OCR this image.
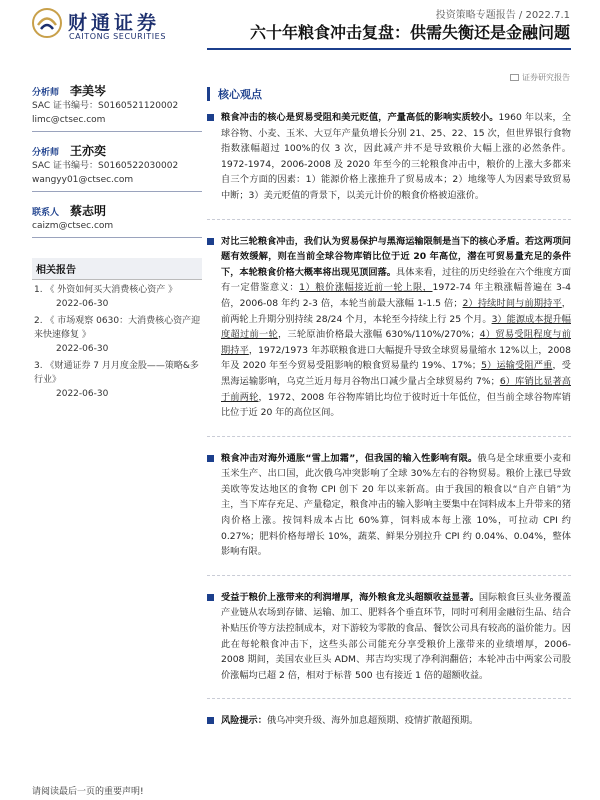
财通证券
CAITONG SECURITIES
投资策略专题报告 / 2022.7.1
六十年粮食冲击复盘：供需失衡还是金融问题
证券研究报告
分析师 李美岑
SAC 证书编号：S0160521120002
limc@ctsec.com
分析师 王亦奕
SAC 证书编号：S0160522030002
wangyy01@ctsec.com
联系人 蔡志明
caizm@ctsec.com
相关报告
1. 《 外资如何买大消费核心资产 》
2022-06-30
2. 《 市场观察 0630：大消费核心资产迎来快速修复 》
2022-06-30
3. 《财通证券 7 月月度金股——策略&多行业》
2022-06-30
核心观点
粮食冲击的核心是贸易受阻和美元贬值，产量高低的影响实质较小。1960 年以来，全球谷物、小麦、玉米、大豆年产量负增长分别 21、25、22、15 次，但世界银行食物指数涨幅超过 100%的仅 3 次，因此减产并不是导致粮价大幅上涨的必然条件。1972-1974，2006-2008 及 2020 年至今的三轮粮食冲击中，粮价的上涨大多都来自三个方面的因素：1）能源价格上涨推升了贸易成本；2）地缘等人为因素导致贸易中断；3）美元贬值的背景下，以美元计价的粮食价格被迫涨价。
对比三轮粮食冲击，我们认为贸易保护与黑海运输限制是当下的核心矛盾。若这两项问题有效缓解，则在当前全球谷物库销比位于近 20 年高位，潜在可贸易量充足的条件下，本轮粮食价格大概率将出现见顶回落。具体来看，过往的历史经验在六个维度方面有一定借鉴意义：1）粮价涨幅接近前一轮上限，1972-74 年主粮涨幅普遍在 3-4 倍，2006-08 年约 2-3 倍，本轮当前最大涨幅 1-1.5 倍；2）持续时间与前期持平，前两轮上升期分别持续 28/24 个月，本轮至今持续上行 25 个月。3）能源成本提升幅度超过前一轮，三轮原油价格最大涨幅 630%/110%/270%；4）贸易受阻程度与前期持平，1972/1973 年苏联粮食进口大幅提升导致全球贸易量缩水 12%以上，2008 年及 2020 年至今贸易受阻影响的粮食贸易量约 19%、17%；5）运输受阻严重，受黑海运输影响，乌克兰近月每月谷物出口减少量占全球贸易约 7%；6）库销比显著高于前两轮，1972、2008 年谷物库销比均位于彼时近十年低位，但当前全球谷物库销比位于近 20 年的高位区间。
粮食冲击对海外通胀“雪上加霜”，但我国的输入性影响有限。俄乌是全球重要小麦和玉米生产、出口国，此次俄乌冲突影响了全球 30%左右的谷物贸易。粮价上涨已导致美欧等发达地区的食物 CPI 创下 20 年以来新高。由于我国的粮食以“自产自销”为主，当下库存充足、产量稳定，粮食冲击的输入影响主要集中在饲料成本上升带来的猪肉价格上涨。按饲料成本占比 60%算，饲料成本每上涨 10%，可拉动 CPI 约 0.27%；肥料价格每增长 10%，蔬菜、鲜果分别拉升 CPI 约 0.04%、0.04%，整体影响有限。
受益于粮价上涨带来的利润增厚，海外粮食龙头超额收益显著。国际粮食巨头业务覆盖产业链从农场到存储、运输、加工、肥料各个垂直环节，同时可利用金融衍生品、结合补贴压价等方法控制成本，对下游较为零散的食品、餐饮公司具有较高的溢价能力。因此在每轮粮食冲击下，这些头部公司能充分享受粮价上涨带来的业绩增厚，2006-2008 期间，美国农业巨头 ADM、邦吉均实现了净利润翻倍；本轮冲击中两家公司股价涨幅均已超 2 倍，相对于标普 500 也有接近 1 倍的超额收益。
风险提示：俄乌冲突升级、海外加息超预期、疫情扩散超预期。
请阅读最后一页的重要声明!
